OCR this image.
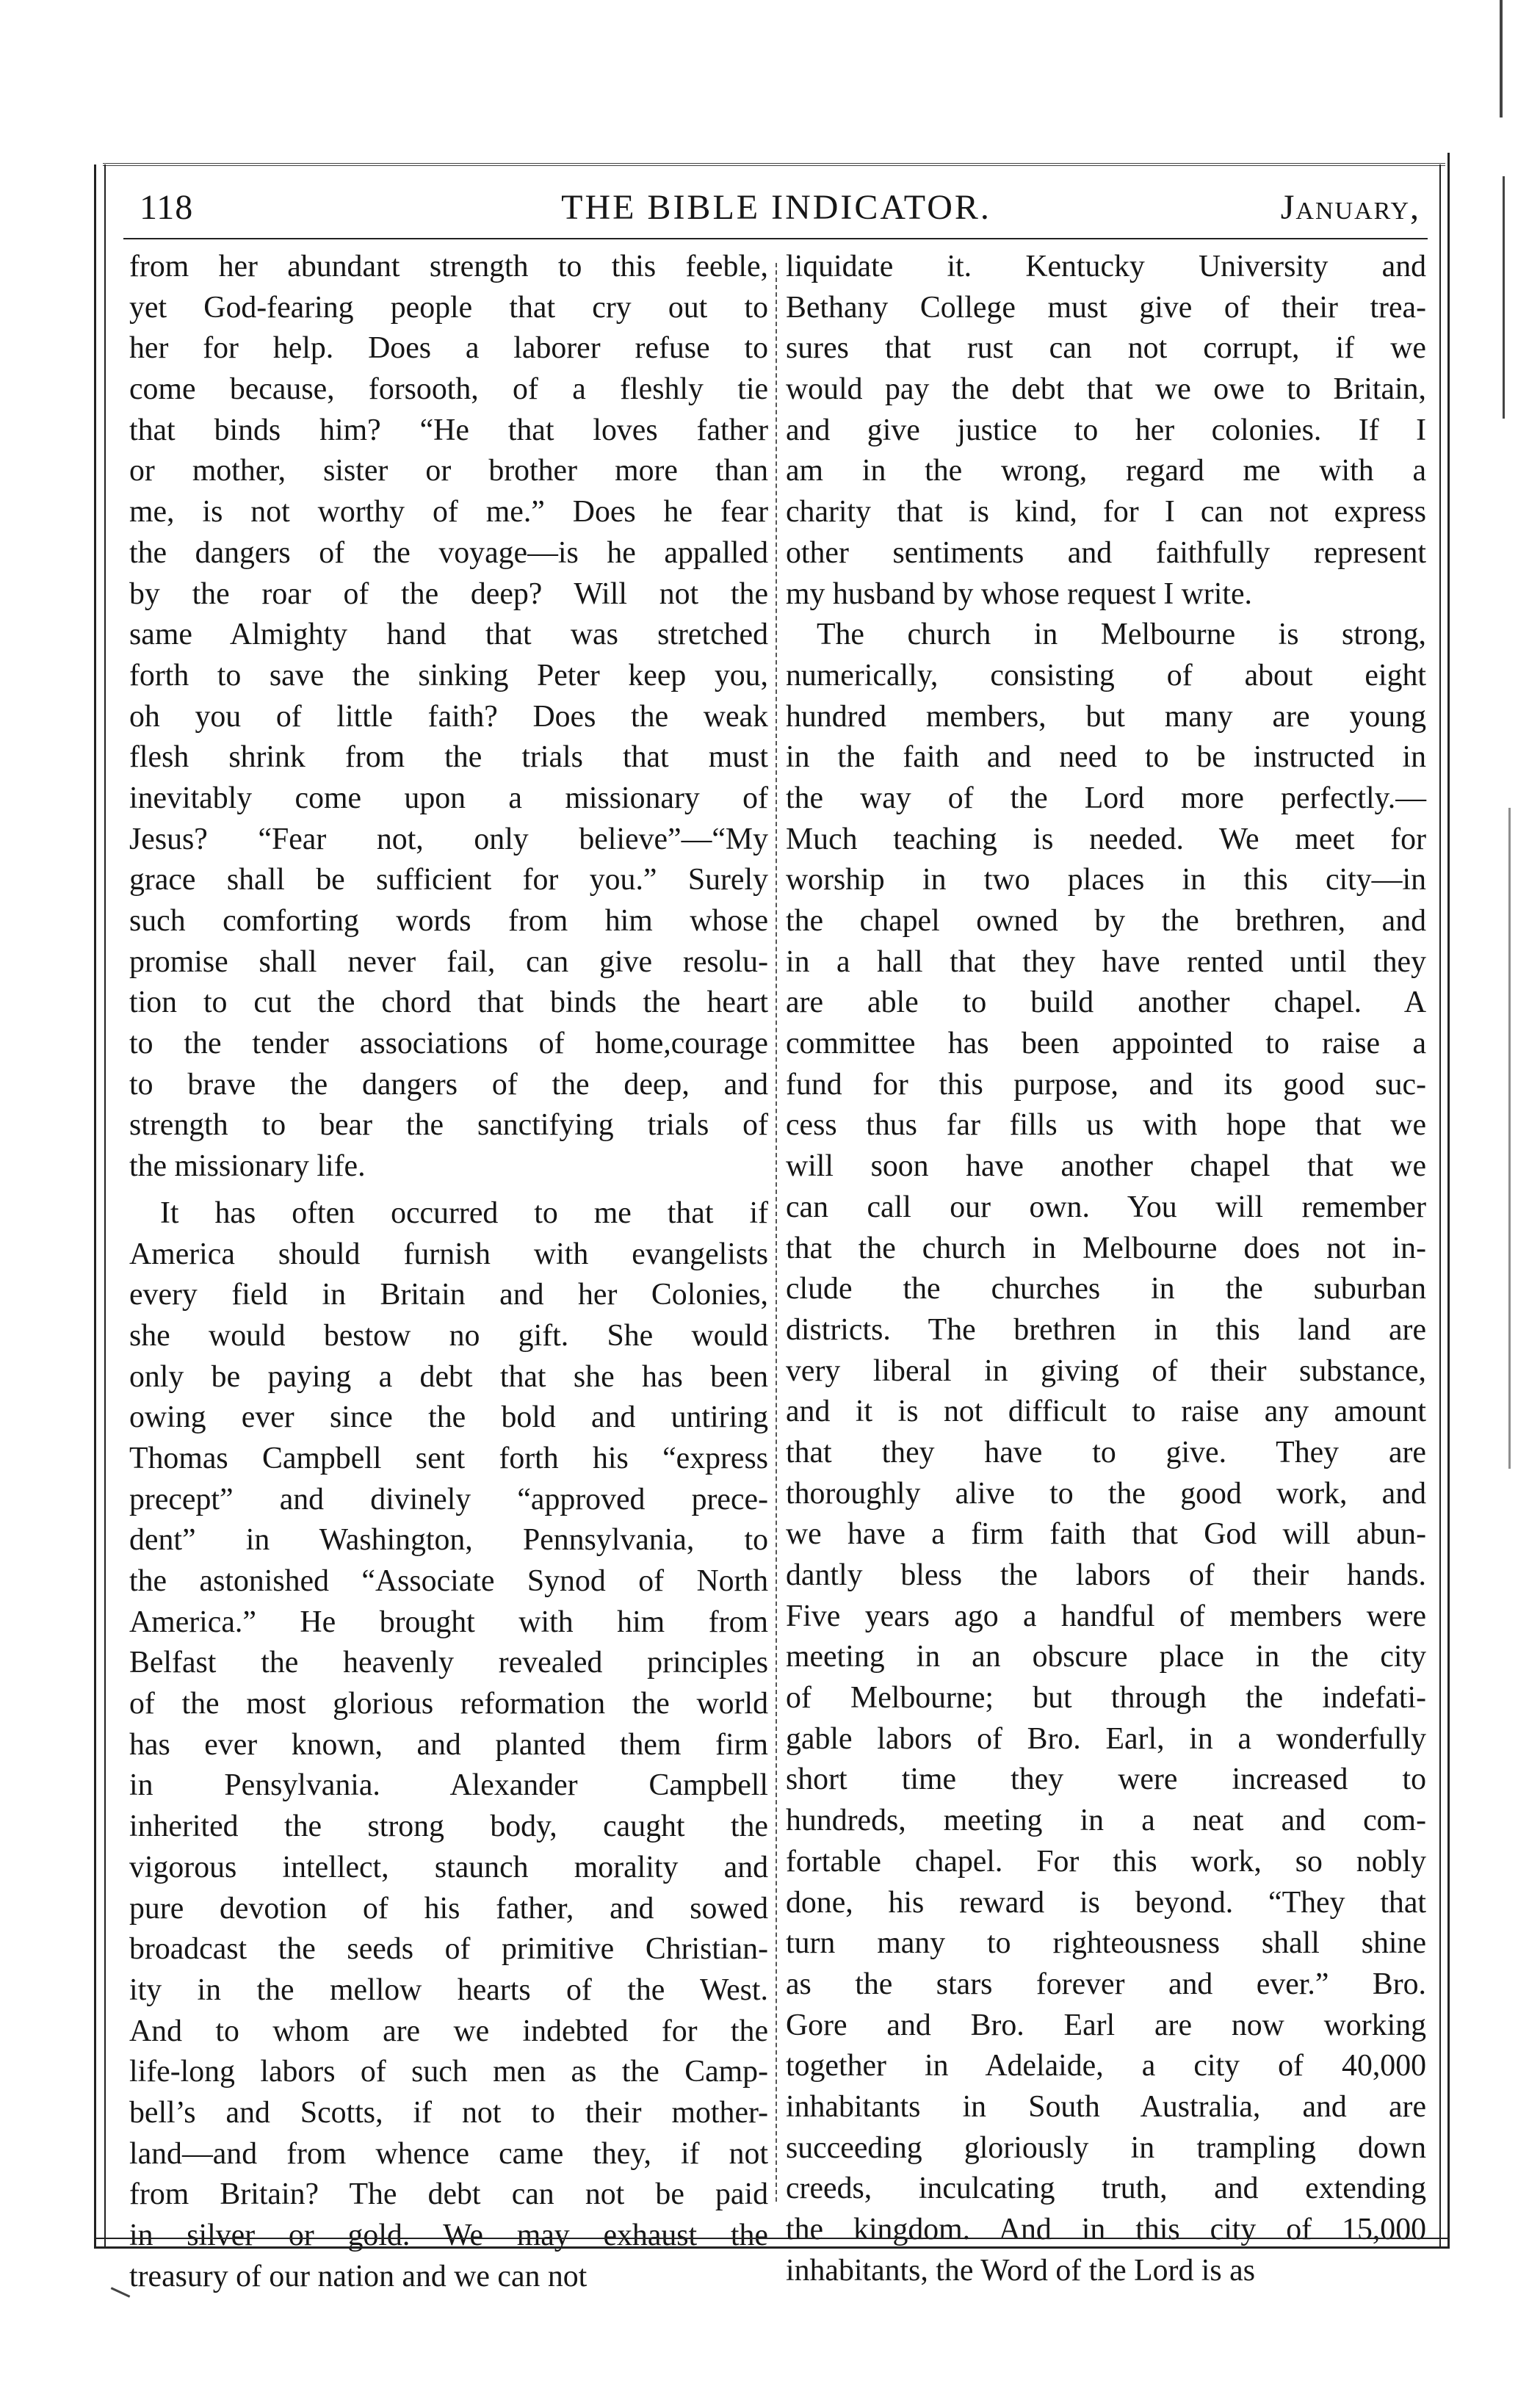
118	THE BIBLE INDICATOR.	January,
from her abundant strength to this feeble,
yet God-fearing people that cry out to
her for help. Does a laborer refuse to
come because, forsooth, of a fleshly tie
that binds him? “He that loves father
or mother, sister or brother more than
me, is not worthy of me.” Does he fear
the dangers of the voyage—is he appalled
by the roar of the deep? Will not the
same Almighty hand that was stretched
forth to save the sinking Peter keep you,
oh you of little faith? Does the weak
flesh shrink from the trials that must
inevitably come upon a missionary of
Jesus? “Fear not, only believe”—“My
grace shall be sufficient for you.” Surely
such comforting words from him whose
promise shall never fail, can give resolu-
tion to cut the chord that binds the heart
to the tender associations of home,courage
to brave the dangers of the deep, and
strength to bear the sanctifying trials of
the missionary life.
It has often occurred to me that if
America should furnish with evangelists
every field in Britain and her Colonies,
she would bestow no gift. She would
only be paying a debt that she has been
owing ever since the bold and untiring
Thomas Campbell sent forth his “express
precept” and divinely “approved prece-
dent” in Washington, Pennsylvania, to
the astonished “Associate Synod of North
America.” He brought with him from
Belfast the heavenly revealed principles
of the most glorious reformation the world
has ever known, and planted them firm
in Pensylvania. Alexander Campbell
inherited the strong body, caught the
vigorous intellect, staunch morality and
pure devotion of his father, and sowed
broadcast the seeds of primitive Christian-
ity in the mellow hearts of the West.
And to whom are we indebted for the
life-long labors of such men as the Camp-
bell’s and Scotts, if not to their mother-
land—and from whence came they, if not
from Britain? The debt can not be paid
in silver or gold. We may exhaust the
treasury of our nation and we can not
liquidate it. Kentucky University and
Bethany College must give of their trea-
sures that rust can not corrupt, if we
would pay the debt that we owe to Britain,
and give justice to her colonies. If I
am in the wrong, regard me with a
charity that is kind, for I can not express
other sentiments and faithfully represent
my husband by whose request I write.
The church in Melbourne is strong,
numerically, consisting of about eight
hundred members, but many are young
in the faith and need to be instructed in
the way of the Lord more perfectly.—
Much teaching is needed. We meet for
worship in two places in this city—in
the chapel owned by the brethren, and
in a hall that they have rented until they
are able to build another chapel. A
committee has been appointed to raise a
fund for this purpose, and its good suc-
cess thus far fills us with hope that we
will soon have another chapel that we
can call our own. You will remember
that the church in Melbourne does not in-
clude the churches in the suburban
districts. The brethren in this land are
very liberal in giving of their substance,
and it is not difficult to raise any amount
that they have to give. They are
thoroughly alive to the good work, and
we have a firm faith that God will abun-
dantly bless the labors of their hands.
Five years ago a handful of members were
meeting in an obscure place in the city
of Melbourne; but through the indefati-
gable labors of Bro. Earl, in a wonderfully
short time they were increased to
hundreds, meeting in a neat and com-
fortable chapel. For this work, so nobly
done, his reward is beyond. “They that
turn many to righteousness shall shine
as the stars forever and ever.” Bro.
Gore and Bro. Earl are now working
together in Adelaide, a city of 40,000
inhabitants in South Australia, and are
succeeding gloriously in trampling down
creeds, inculcating truth, and extending
the kingdom. And in this city of 15,000
inhabitants, the Word of the Lord is as
